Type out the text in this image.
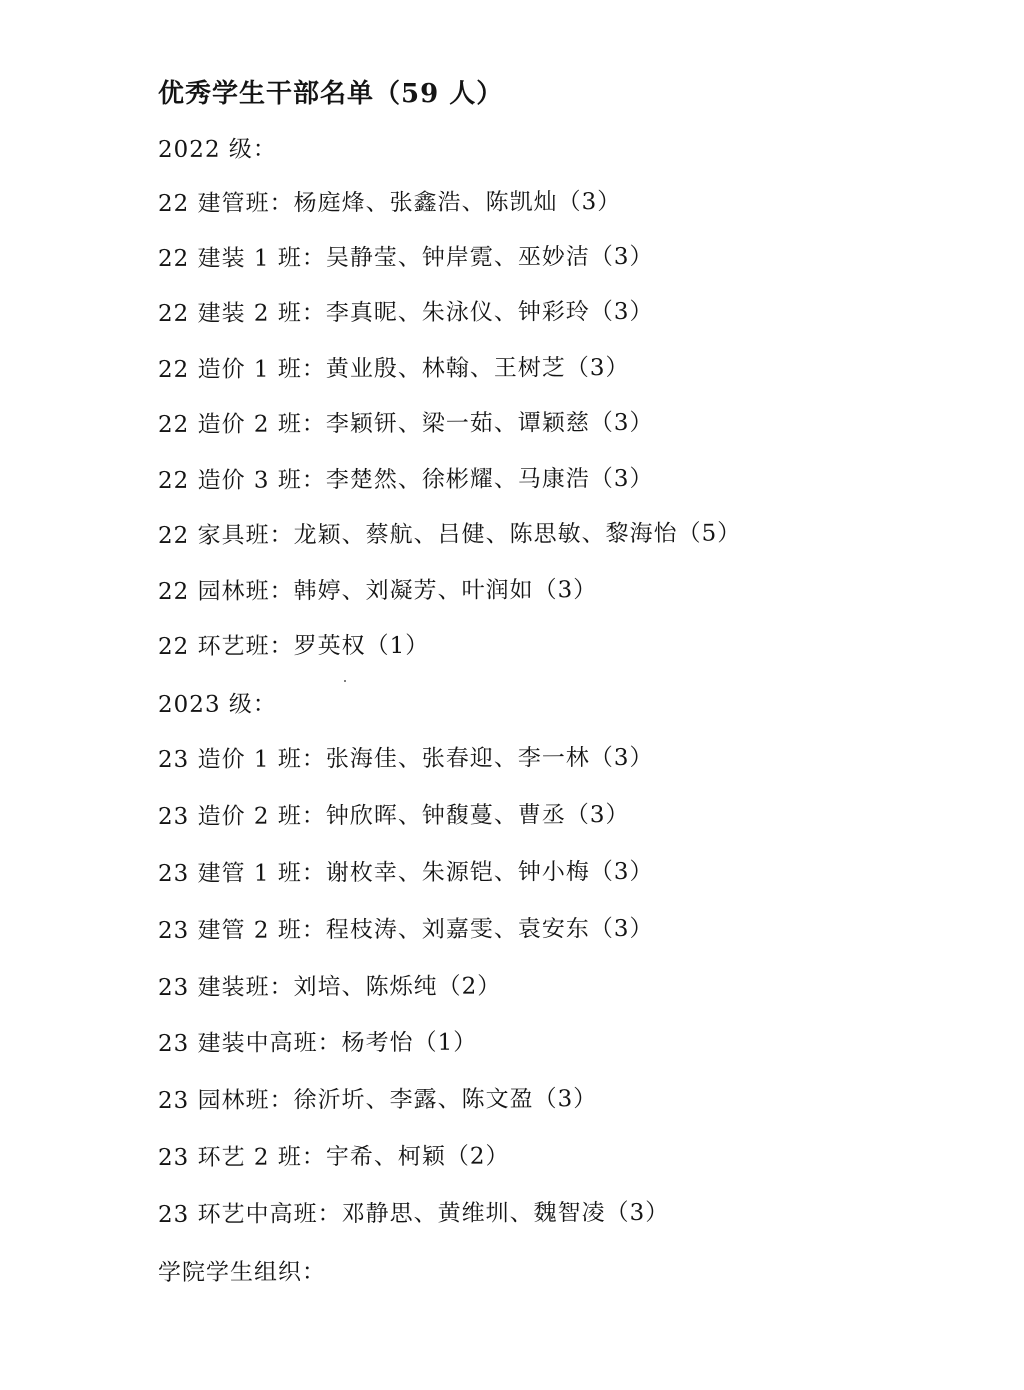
优秀学生干部名单（59 人）
2022 级：
22 建管班：杨庭烽、张鑫浩、陈凯灿（3）
22 建装 1 班：吴静莹、钟岸霓、巫妙洁（3）
22 建装 2 班：李真昵、朱泳仪、钟彩玲（3）
22 造价 1 班：黄业殷、林翰、王树芝（3）
22 造价 2 班：李颖钘、梁一茹、谭颖慈（3）
22 造价 3 班：李楚然、徐彬耀、马康浩（3）
22 家具班：龙颖、蔡航、吕健、陈思敏、黎海怡（5）
22 园林班：韩婷、刘凝芳、叶润如（3）
22 环艺班：罗英权（1）
2023 级：
23 造价 1 班：张海佳、张春迎、李一林（3）
23 造价 2 班：钟欣晖、钟馥蔓、曹丞（3）
23 建管 1 班：谢枚幸、朱源铠、钟小梅（3）
23 建管 2 班：程枝涛、刘嘉雯、袁安东（3）
23 建装班：刘培、陈烁纯（2）
23 建装中高班：杨考怡（1）
23 园林班：徐沂圻、李露、陈文盈（3）
23 环艺 2 班：宇希、柯颖（2）
23 环艺中高班：邓静思、黄维圳、魏智凌（3）
学院学生组织：
